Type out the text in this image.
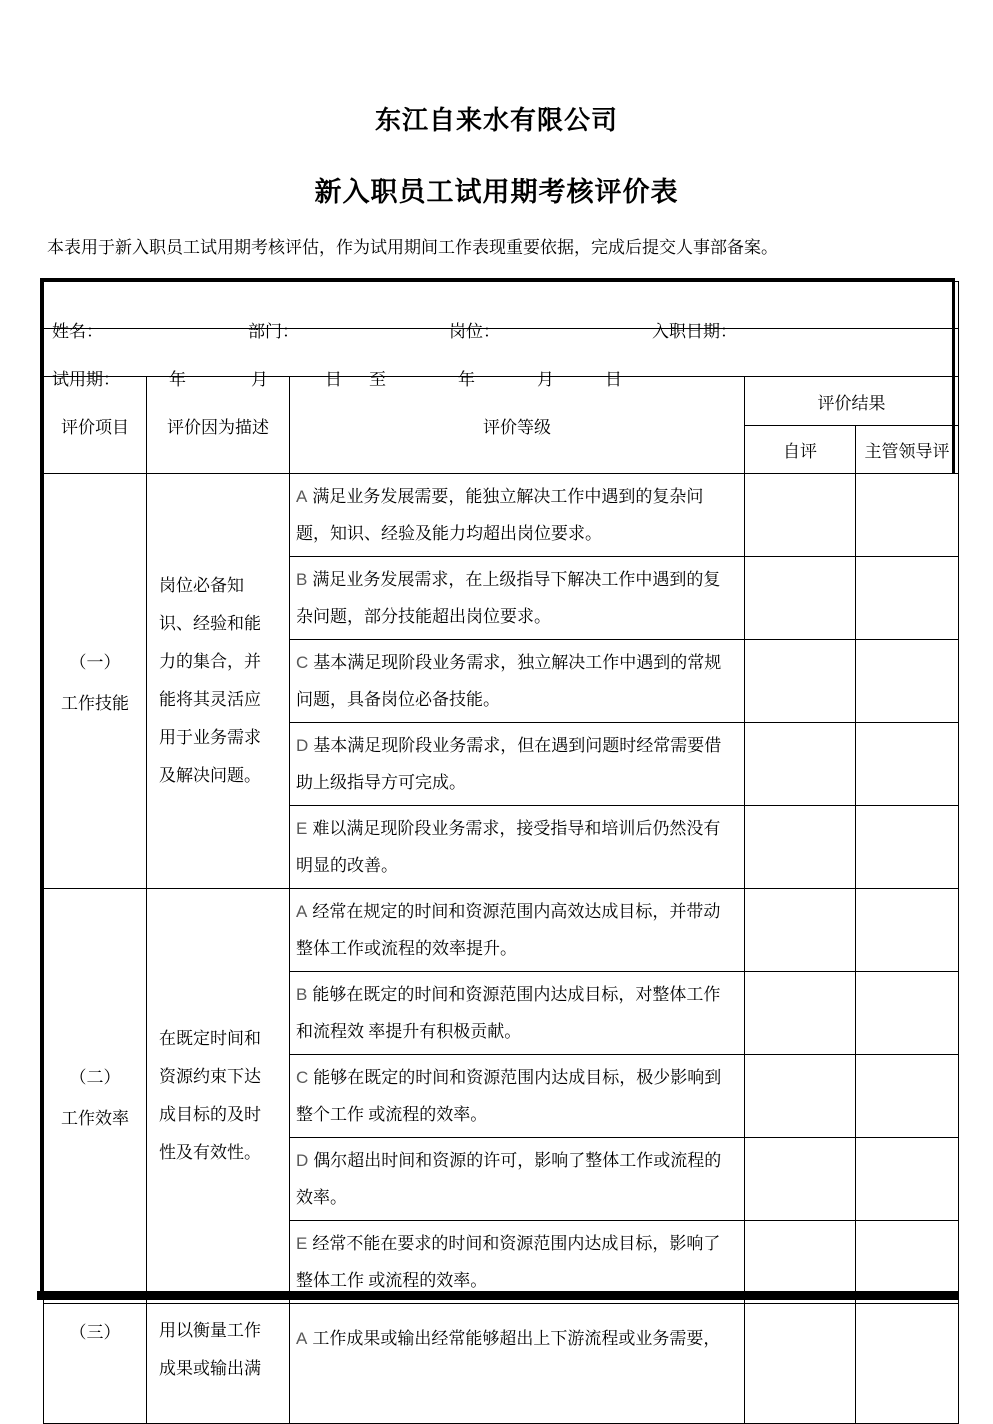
东江自来水有限公司
新入职员工试用期考核评价表
本表用于新入职员工试用期考核评估，作为试用期间工作表现重要依据，完成后提交人事部备案。
姓名： 部门： 岗位： 入职日期：				

试用期：	年	月	日 至	年	月	日

评价项目	评价因为描述	评价等级	评价结果	
			自评	主管领导评

（一）
工作技能	岗位必备知识、经验和能力的集合，并能将其灵活应用于业务需求及解决问题。	A 满足业务发展需要，能独立解决工作中遇到的复杂问题，知识、经验及能力均超出岗位要求。		
		B 满足业务发展需求，在上级指导下解决工作中遇到的复杂问题，部分技能超出岗位要求。		
		C 基本满足现阶段业务需求，独立解决工作中遇到的常规问题，具备岗位必备技能。		
		D 基本满足现阶段业务需求，但在遇到问题时经常需要借助上级指导方可完成。		
		E 难以满足现阶段业务需求，接受指导和培训后仍然没有明显的改善。		

（二）
工作效率	在既定时间和资源约束下达成目标的及时性及有效性。	A 经常在规定的时间和资源范围内高效达成目标，并带动整体工作或流程的效率提升。		
		B 能够在既定的时间和资源范围内达成目标，对整体工作和流程效 率提升有积极贡献。		
		C 能够在既定的时间和资源范围内达成目标，极少影响到整个工作 或流程的效率。		
		D 偶尔超出时间和资源的许可，影响了整体工作或流程的效率。		
		E 经常不能在要求的时间和资源范围内达成目标，影响了整体工作 或流程的效率。		

（三）	用以衡量工作成果或输出满	A 工作成果或输出经常能够超出上下游流程或业务需要，		
